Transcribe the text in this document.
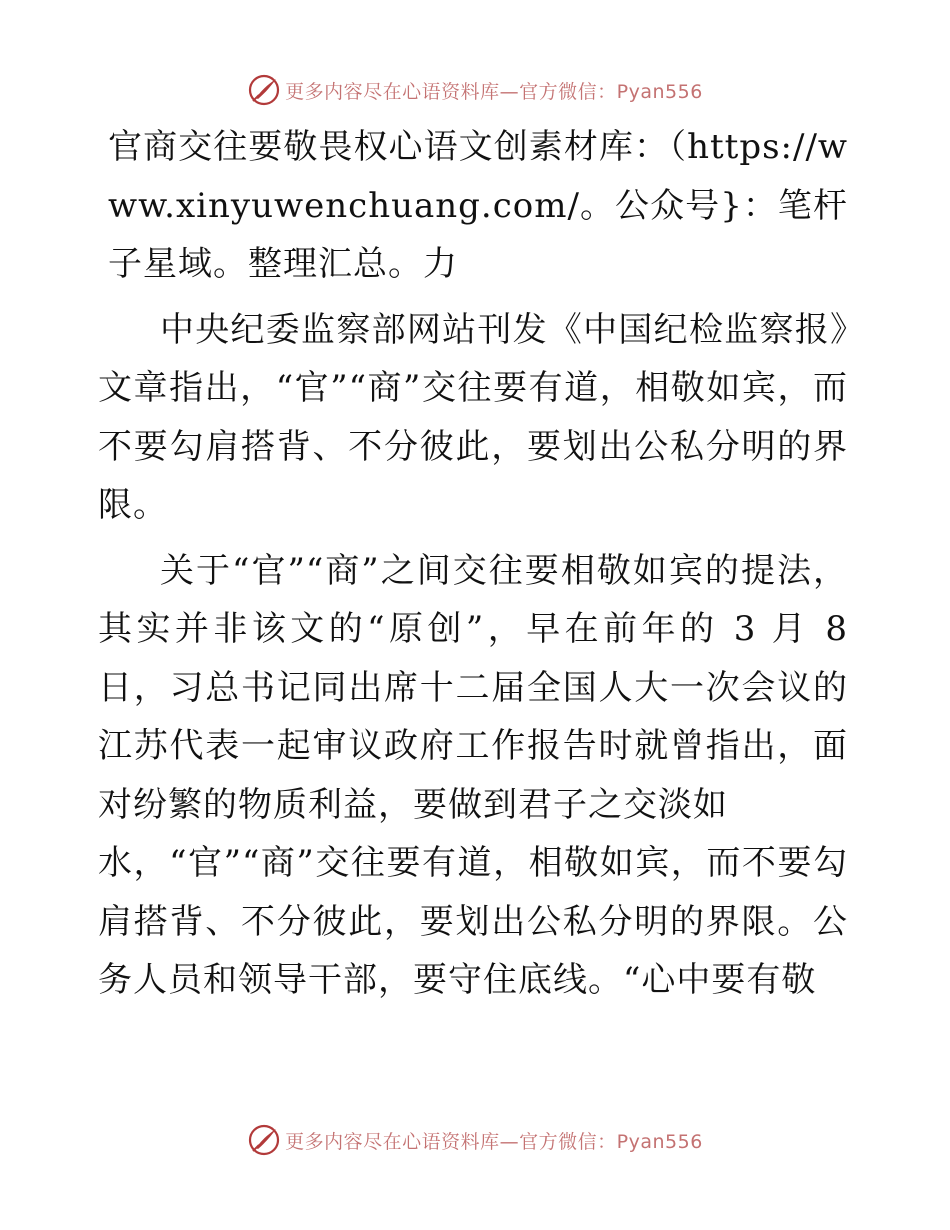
更多内容尽在心语资料库—官方微信：Pyan556

官商交往要敬畏权心语文创素材库：（https://www.xinyuwenchuang.com/。公众号}：笔杆子星域。整理汇总。力

中央纪委监察部网站刊发《中国纪检监察报》文章指出，“官”“商”交往要有道，相敬如宾，而不要勾肩搭背、不分彼此，要划出公私分明的界限。

关于“官”“商”之间交往要相敬如宾的提法，其实并非该文的“原创”，早在前年的 3 月 8 日，习总书记同出席十二届全国人大一次会议的江苏代表一起审议政府工作报告时就曾指出，面对纷繁的物质利益，要做到君子之交淡如

水，“官”“商”交往要有道，相敬如宾，而不要勾肩搭背、不分彼此，要划出公私分明的界限。公务人员和领导干部，要守住底线。“心中要有敬

更多内容尽在心语资料库—官方微信：Pyan556
